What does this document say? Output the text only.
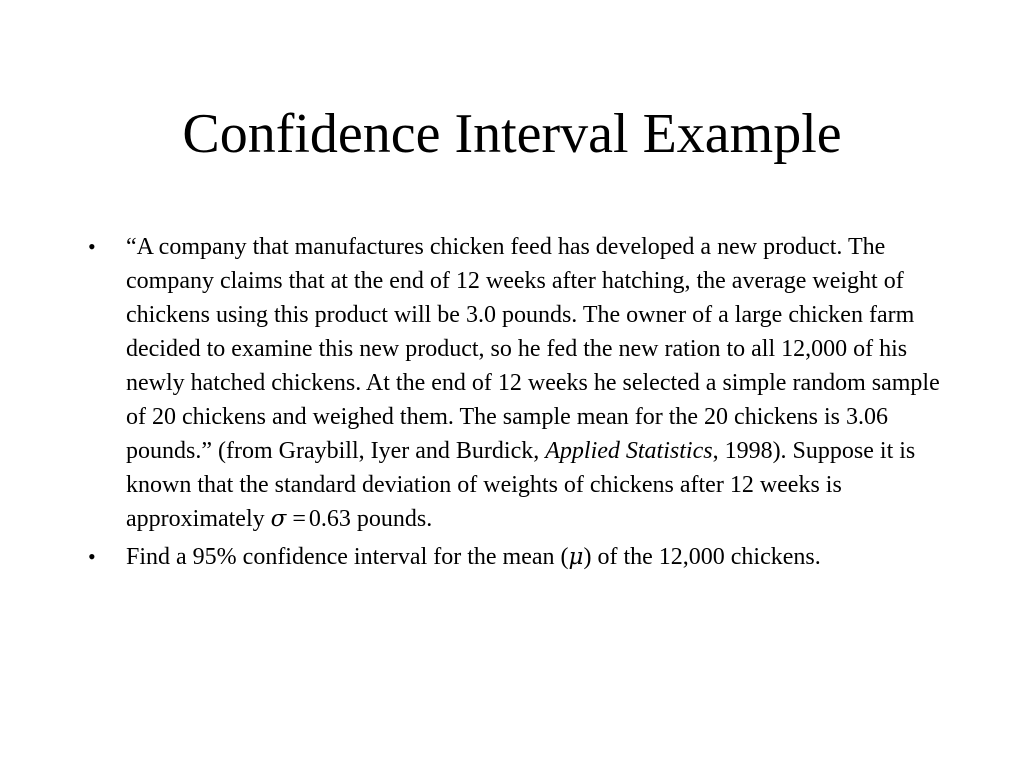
Confidence Interval Example
• “A company that manufactures chicken feed has developed a new product. The company claims that at the end of 12 weeks after hatching, the average weight of chickens using this product will be 3.0 pounds. The owner of a large chicken farm decided to examine this new product, so he fed the new ration to all 12,000 of his newly hatched chickens. At the end of 12 weeks he selected a simple random sample of 20 chickens and weighed them. The sample mean for the 20 chickens is 3.06 pounds.” (from Graybill, Iyer and Burdick, Applied Statistics, 1998). Suppose it is known that the standard deviation of weights of chickens after 12 weeks is approximately σ = 0.63 pounds.
• Find a 95% confidence interval for the mean (μ) of the 12,000 chickens.
